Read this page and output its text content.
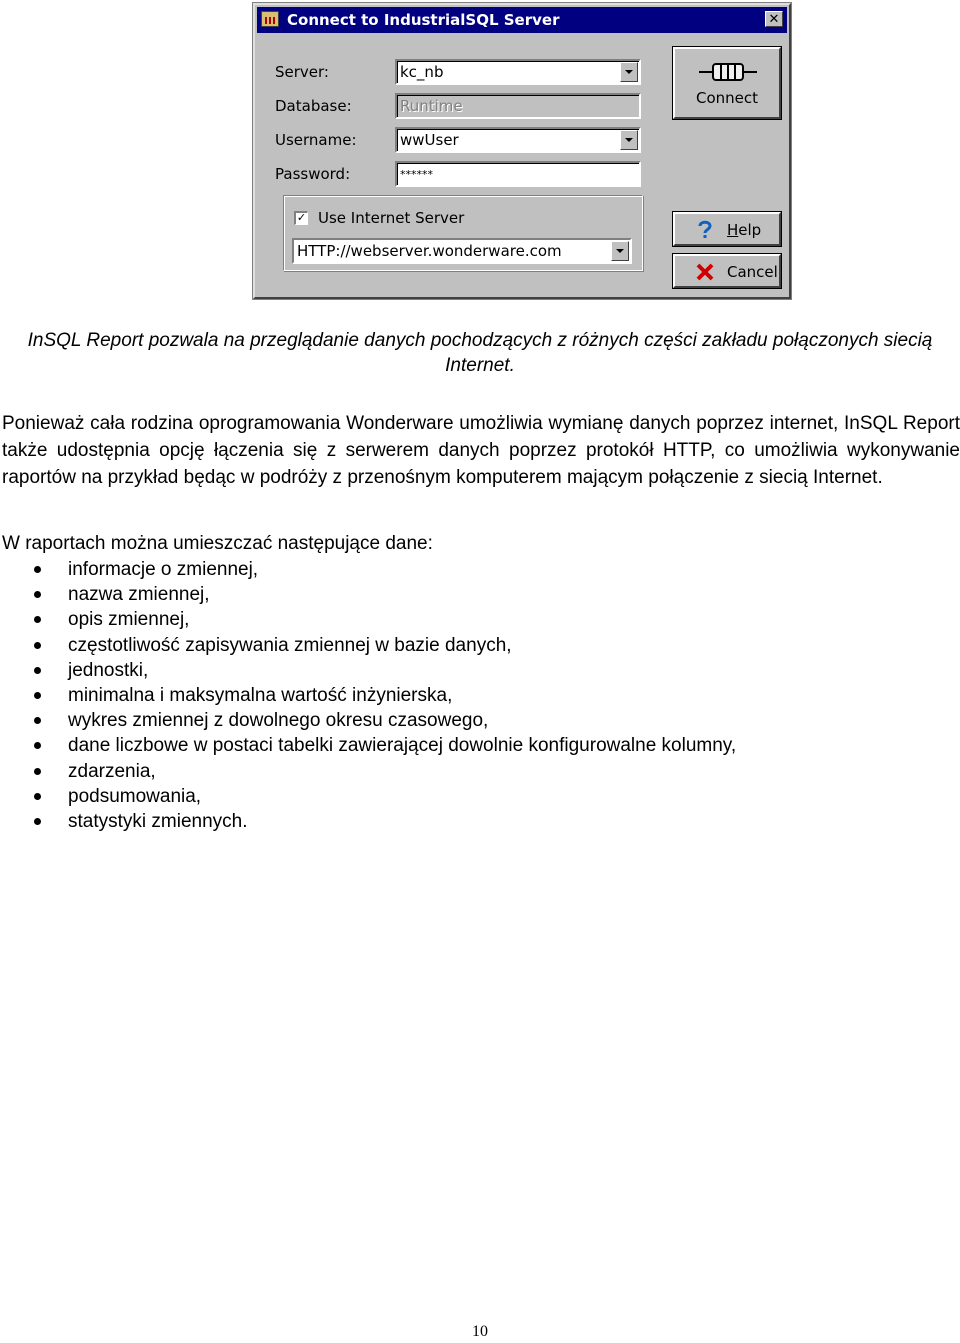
Connect to IndustrialSQL Server	✕
Server:	kc_nb
Database:	Runtime
Username:	wwUser
Password:	******
✓ Use Internet Server
HTTP://webserver.wonderware.com
Connect
Help
Cancel
InSQL Report pozwala na przeglądanie danych pochodzących z różnych części zakładu połączonych siecią Internet.
Ponieważ cała rodzina oprogramowania Wonderware umożliwia wymianę danych poprzez internet, InSQL Report także udostępnia opcję łączenia się z serwerem danych poprzez protokół HTTP, co umożliwia wykonywanie raportów na przykład będąc w podróży z przenośnym komputerem mającym połączenie z siecią Internet.
W raportach można umieszczać następujące dane:
informacje o zmiennej,
nazwa zmiennej,
opis zmiennej,
częstotliwość zapisywania zmiennej w bazie danych,
jednostki,
minimalna i maksymalna wartość inżynierska,
wykres zmiennej z dowolnego okresu czasowego,
dane liczbowe w postaci tabelki zawierającej dowolnie konfigurowalne kolumny,
zdarzenia,
podsumowania,
statystyki zmiennych.
10
